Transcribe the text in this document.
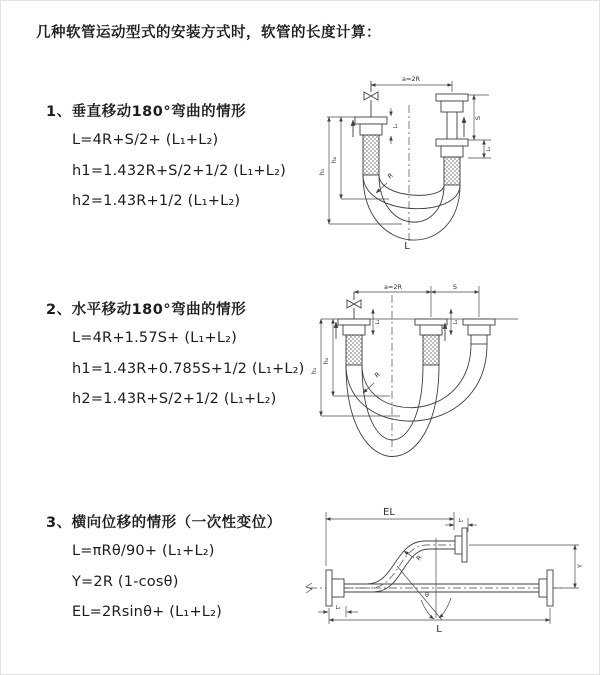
几种软管运动型式的安装方式时，软管的长度计算：
1、垂直移动180°弯曲的情形

L=4R+S/2+ (L₁+L₂)

h1=1.432R+S/2+1/2 (L₁+L₂)

h2=1.43R+1/2 (L₁+L₂)

2、水平移动180°弯曲的情形

L=4R+1.57S+ (L₁+L₂)

h1=1.43R+0.785S+1/2 (L₁+L₂)

h2=1.43R+S/2+1/2 (L₁+L₂)

3、横向位移的情形（一次性变位）

L=πRθ/90+ (L₁+L₂)

Y=2R (1-cosθ)

EL=2Rsinθ+ (L₁+L₂)

a=2R
L₁
S
L₂
h₁
h₂
R
L
a=2R	S
L₁	L₂
h₁
h₂
R
θ
R
EL
L₁
Y
L
L₂
